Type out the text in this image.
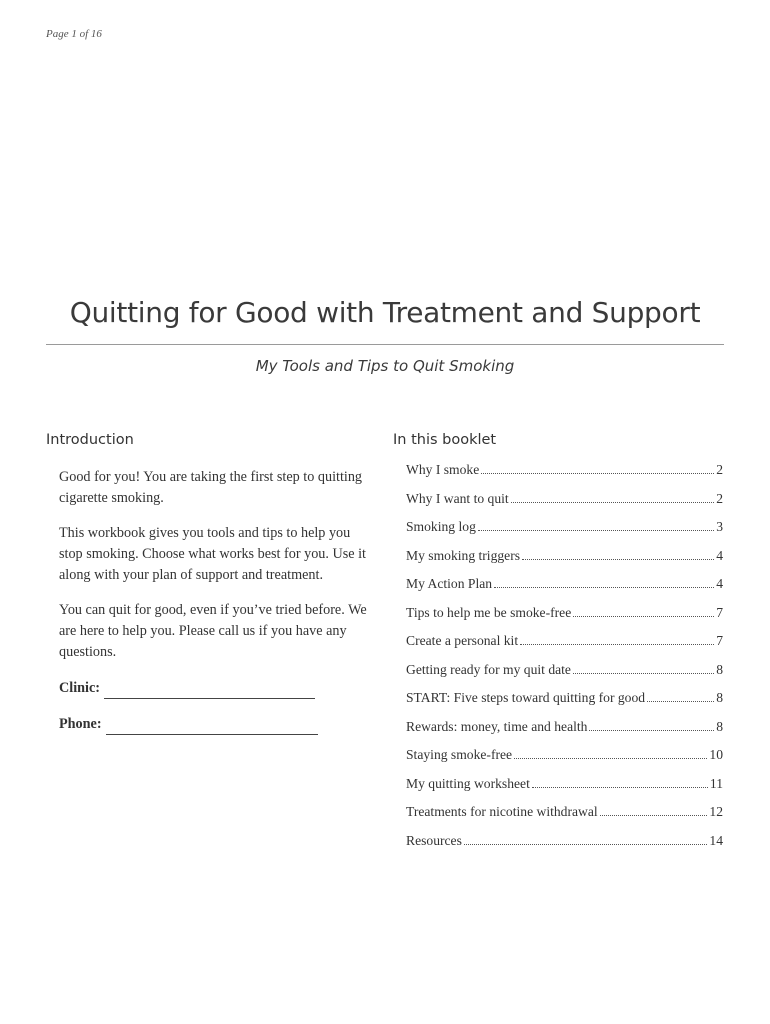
Page 1 of 16
Quitting for Good with Treatment and Support
My Tools and Tips to Quit Smoking
Introduction

Good for you! You are taking the first step to quitting cigarette smoking.

This workbook gives you tools and tips to help you stop smoking. Choose what works best for you. Use it along with your plan of support and treatment.

You can quit for good, even if you’ve tried before. We are here to help you. Please call us if you have any questions.

Clinic:
Phone:
In this booklet
Why I smoke	2
Why I want to quit	2
Smoking log	3
My smoking triggers	4
My Action Plan	4
Tips to help me be smoke-free	7
Create a personal kit	7
Getting ready for my quit date	8
START: Five steps toward quitting for good	8
Rewards: money, time and health	8
Staying smoke-free	10
My quitting worksheet	11
Treatments for nicotine withdrawal	12
Resources	14
